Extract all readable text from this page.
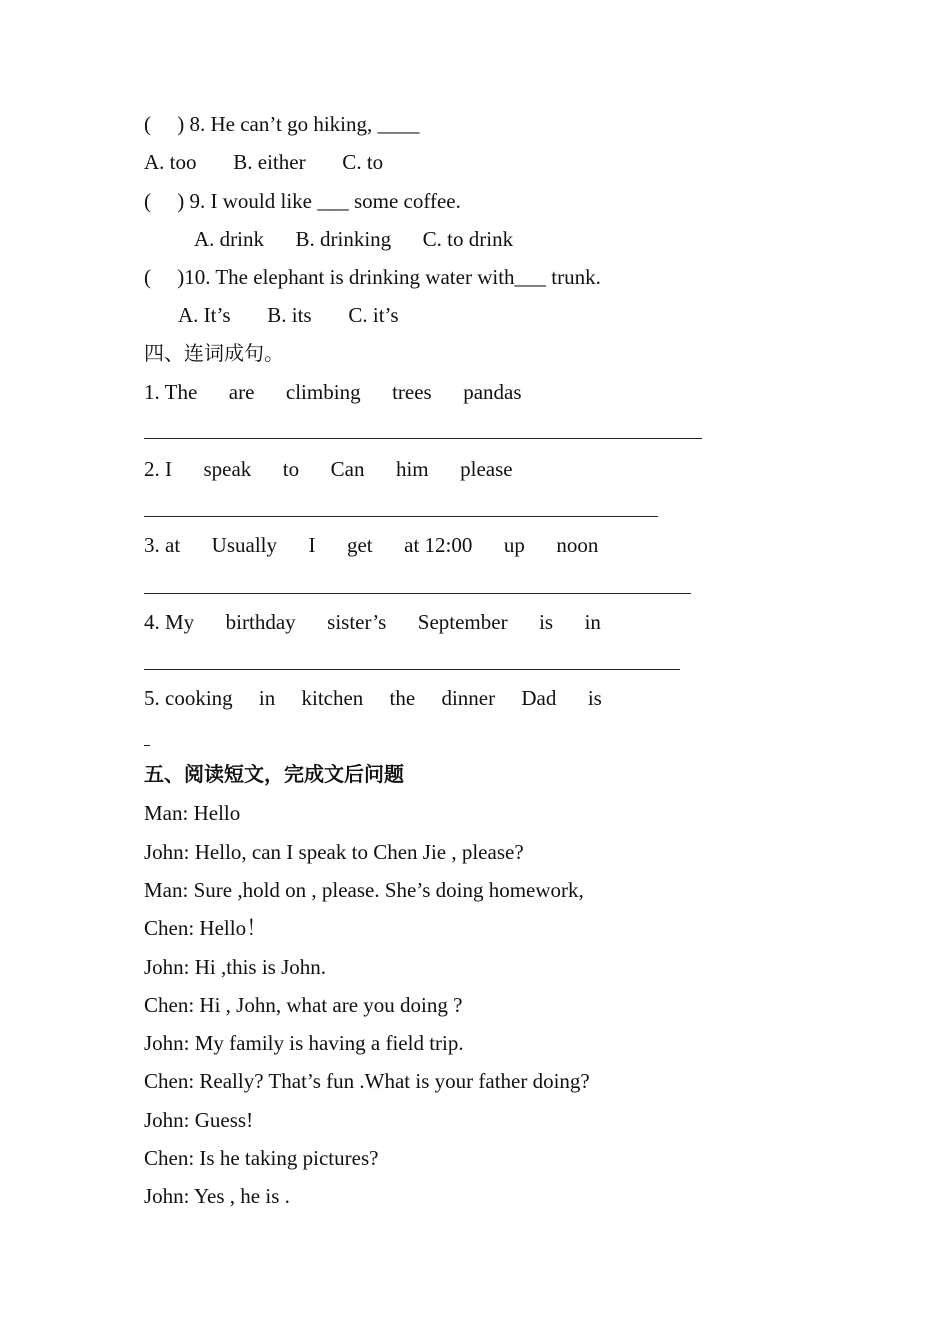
(     ) 8. He can’t go hiking, ____
A. too       B. either       C. to
(     ) 9. I would like ___ some coffee.
A. drink      B. drinking      C. to drink
(     )10. The elephant is drinking water with___ trunk.
A. It’s       B. its       C. it’s
四、连词成句。
1. The      are      climbing      trees      pandas
2. I      speak      to      Can      him      please
3. at      Usually      I      get      at 12:00      up      noon
4. My      birthday      sister’s      September      is      in
5. cooking     in     kitchen     the     dinner     Dad      is
五、阅读短文，完成文后问题
Man: Hello
John: Hello, can I speak to Chen Jie , please?
Man: Sure ,hold on , please. She’s doing homework,
Chen: Hello！
John: Hi ,this is John.
Chen: Hi , John, what are you doing ?
John: My family is having a field trip.
Chen: Really? That’s fun .What is your father doing?
John: Guess!
Chen: Is he taking pictures?
John: Yes , he is .
